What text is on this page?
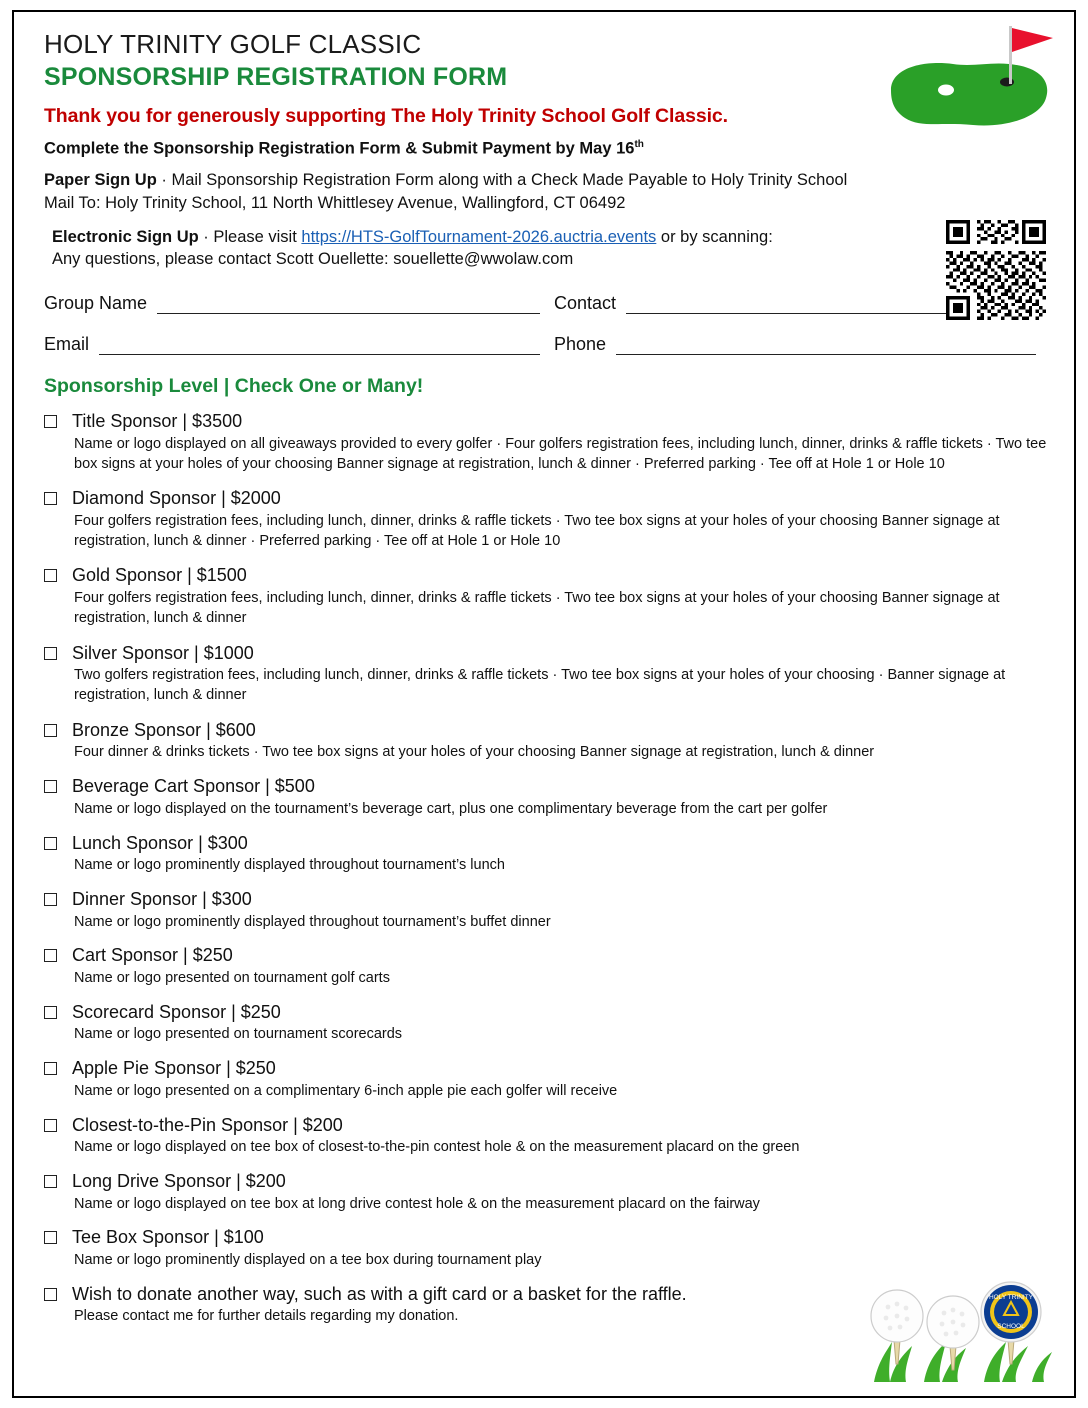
HOLY TRINITY GOLF CLASSIC
SPONSORSHIP REGISTRATION FORM
Thank you for generously supporting The Holy Trinity School Golf Classic.
Complete the Sponsorship Registration Form & Submit Payment by May 16th
Paper Sign Up · Mail Sponsorship Registration Form along with a Check Made Payable to Holy Trinity School
Mail To: Holy Trinity School, 11 North Whittlesey Avenue, Wallingford, CT 06492
Electronic Sign Up · Please visit https://HTS-GolfTournament-2026.auctria.events or by scanning:
Any questions, please contact Scott Ouellette: souellette@wwolaw.com
Group Name	Contact
Email	Phone
Sponsorship Level | Check One or Many!
Title Sponsor | $3500
Name or logo displayed on all giveaways provided to every golfer · Four golfers registration fees, including lunch, dinner, drinks & raffle tickets · Two tee box signs at your holes of your choosing Banner signage at registration, lunch & dinner · Preferred parking · Tee off at Hole 1 or Hole 10
Diamond Sponsor | $2000
Four golfers registration fees, including lunch, dinner, drinks & raffle tickets · Two tee box signs at your holes of your choosing Banner signage at registration, lunch & dinner · Preferred parking · Tee off at Hole 1 or Hole 10
Gold Sponsor | $1500
Four golfers registration fees, including lunch, dinner, drinks & raffle tickets · Two tee box signs at your holes of your choosing Banner signage at registration, lunch & dinner
Silver Sponsor | $1000
Two golfers registration fees, including lunch, dinner, drinks & raffle tickets · Two tee box signs at your holes of your choosing · Banner signage at registration, lunch & dinner
Bronze Sponsor | $600
Four dinner & drinks tickets · Two tee box signs at your holes of your choosing Banner signage at registration, lunch & dinner
Beverage Cart Sponsor | $500
Name or logo displayed on the tournament’s beverage cart, plus one complimentary beverage from the cart per golfer
Lunch Sponsor | $300
Name or logo prominently displayed throughout tournament’s lunch
Dinner Sponsor | $300
Name or logo prominently displayed throughout tournament’s buffet dinner
Cart Sponsor | $250
Name or logo presented on tournament golf carts
Scorecard Sponsor | $250
Name or logo presented on tournament scorecards
Apple Pie Sponsor | $250
Name or logo presented on a complimentary 6-inch apple pie each golfer will receive
Closest-to-the-Pin Sponsor | $200
Name or logo displayed on tee box of closest-to-the-pin contest hole & on the measurement placard on the green
Long Drive Sponsor | $200
Name or logo displayed on tee box at long drive contest hole & on the measurement placard on the fairway
Tee Box Sponsor | $100
Name or logo prominently displayed on a tee box during tournament play
Wish to donate another way, such as with a gift card or a basket for the raffle.
Please contact me for further details regarding my donation.
HOLY TRINITY
SCHOOL
